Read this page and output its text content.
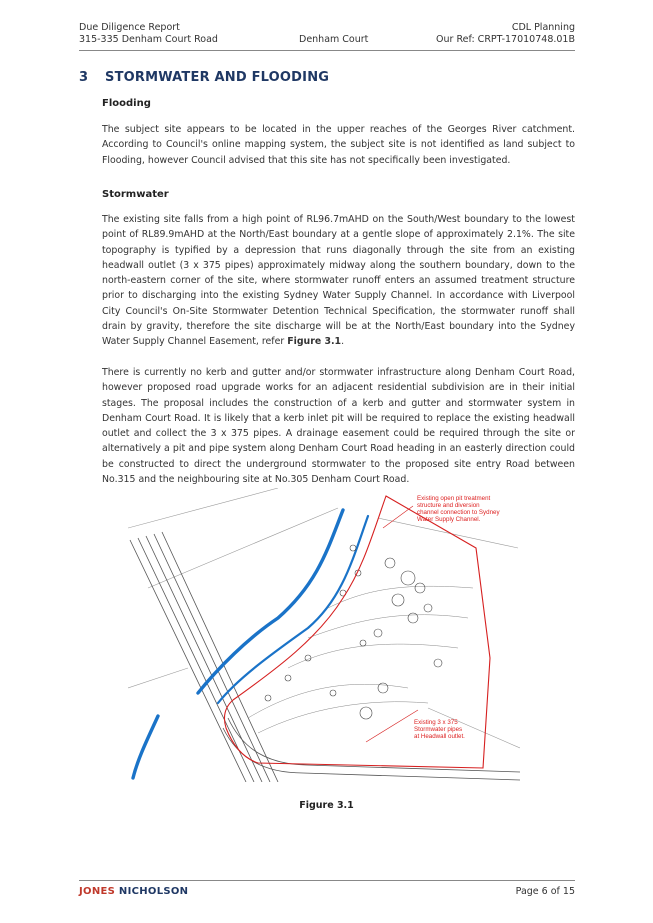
Due Diligence Report	CDL Planning
315-335 Denham Court Road	Our Ref: CRPT-17010748.01B
Denham Court
3 STORMWATER AND FLOODING
Flooding
The subject site appears to be located in the upper reaches of the Georges River catchment. According to Council's online mapping system, the subject site is not identified as land subject to Flooding, however Council advised that this site has not specifically been investigated.
Stormwater
The existing site falls from a high point of RL96.7mAHD on the South/West boundary to the lowest point of RL89.9mAHD at the North/East boundary at a gentle slope of approximately 2.1%. The site topography is typified by a depression that runs diagonally through the site from an existing headwall outlet (3 x 375 pipes) approximately midway along the southern boundary, down to the north-eastern corner of the site, where stormwater runoff enters an assumed treatment structure prior to discharging into the existing Sydney Water Supply Channel. In accordance with Liverpool City Council's On-Site Stormwater Detention Technical Specification, the stormwater runoff shall drain by gravity, therefore the site discharge will be at the North/East boundary into the Sydney Water Supply Channel Easement, refer Figure 3.1.
There is currently no kerb and gutter and/or stormwater infrastructure along Denham Court Road, however proposed road upgrade works for an adjacent residential subdivision are in their initial stages. The proposal includes the construction of a kerb and gutter and stormwater system in Denham Court Road. It is likely that a kerb inlet pit will be required to replace the existing headwall outlet and collect the 3 x 375 pipes. A drainage easement could be required through the site or alternatively a pit and pipe system along Denham Court Road heading in an easterly direction could be constructed to direct the underground stormwater to the proposed site entry Road between No.315 and the neighbouring site at No.305 Denham Court Road.
Existing open pit treatment
structure and diversion
channel connection to Sydney
Water Supply Channel.
Existing 3 x 375
Stormwater pipes
at Headwall outlet.
Figure 3.1
JONES NICHOLSON	Page 6 of 15
